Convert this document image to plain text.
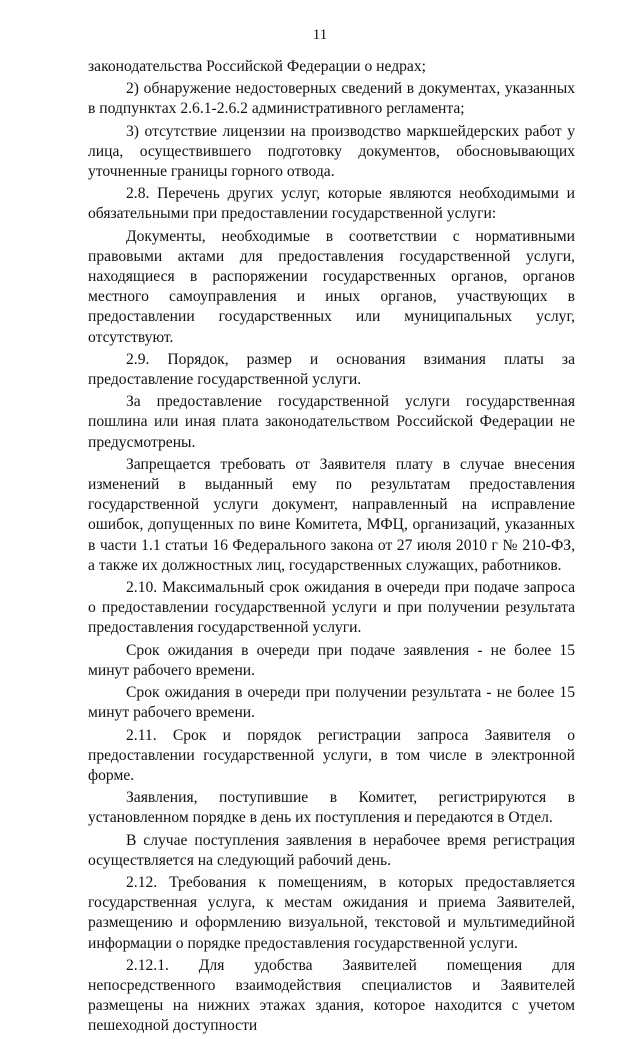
11

законодательства Российской Федерации о недрах;

2) обнаружение недостоверных сведений в документах, указанных в подпунктах 2.6.1-2.6.2 административного регламента;

3) отсутствие лицензии на производство маркшейдерских работ у лица, осуществившего подготовку документов, обосновывающих уточненные границы горного отвода.

2.8. Перечень других услуг, которые являются необходимыми и обязательными при предоставлении государственной услуги:

Документы, необходимые в соответствии с нормативными правовыми актами для предоставления государственной услуги, находящиеся в распоряжении государственных органов, органов местного самоуправления и иных органов, участвующих в предоставлении государственных или муниципальных услуг, отсутствуют.

2.9. Порядок, размер и основания взимания платы за предоставление государственной услуги.

За предоставление государственной услуги государственная пошлина или иная плата законодательством Российской Федерации не предусмотрены.

Запрещается требовать от Заявителя плату в случае внесения изменений в выданный ему по результатам предоставления государственной услуги документ, направленный на исправление ошибок, допущенных по вине Комитета, МФЦ, организаций, указанных в части 1.1 статьи 16 Федерального закона от 27 июля 2010 г № 210-ФЗ, а также их должностных лиц, государственных служащих, работников.

2.10. Максимальный срок ожидания в очереди при подаче запроса о предоставлении государственной услуги и при получении результата предоставления государственной услуги.

Срок ожидания в очереди при подаче заявления - не более 15 минут рабочего времени.

Срок ожидания в очереди при получении результата - не более 15 минут рабочего времени.

2.11. Срок и порядок регистрации запроса Заявителя о предоставлении государственной услуги, в том числе в электронной форме.

Заявления, поступившие в Комитет, регистрируются в установленном порядке в день их поступления и передаются в Отдел.

В случае поступления заявления в нерабочее время регистрация осуществляется на следующий рабочий день.

2.12. Требования к помещениям, в которых предоставляется государственная услуга, к местам ожидания и приема Заявителей, размещению и оформлению визуальной, текстовой и мультимедийной информации о порядке предоставления государственной услуги.

2.12.1. Для удобства Заявителей помещения для непосредственного взаимодействия специалистов и Заявителей размещены на нижних этажах здания, которое находится с учетом пешеходной доступности
